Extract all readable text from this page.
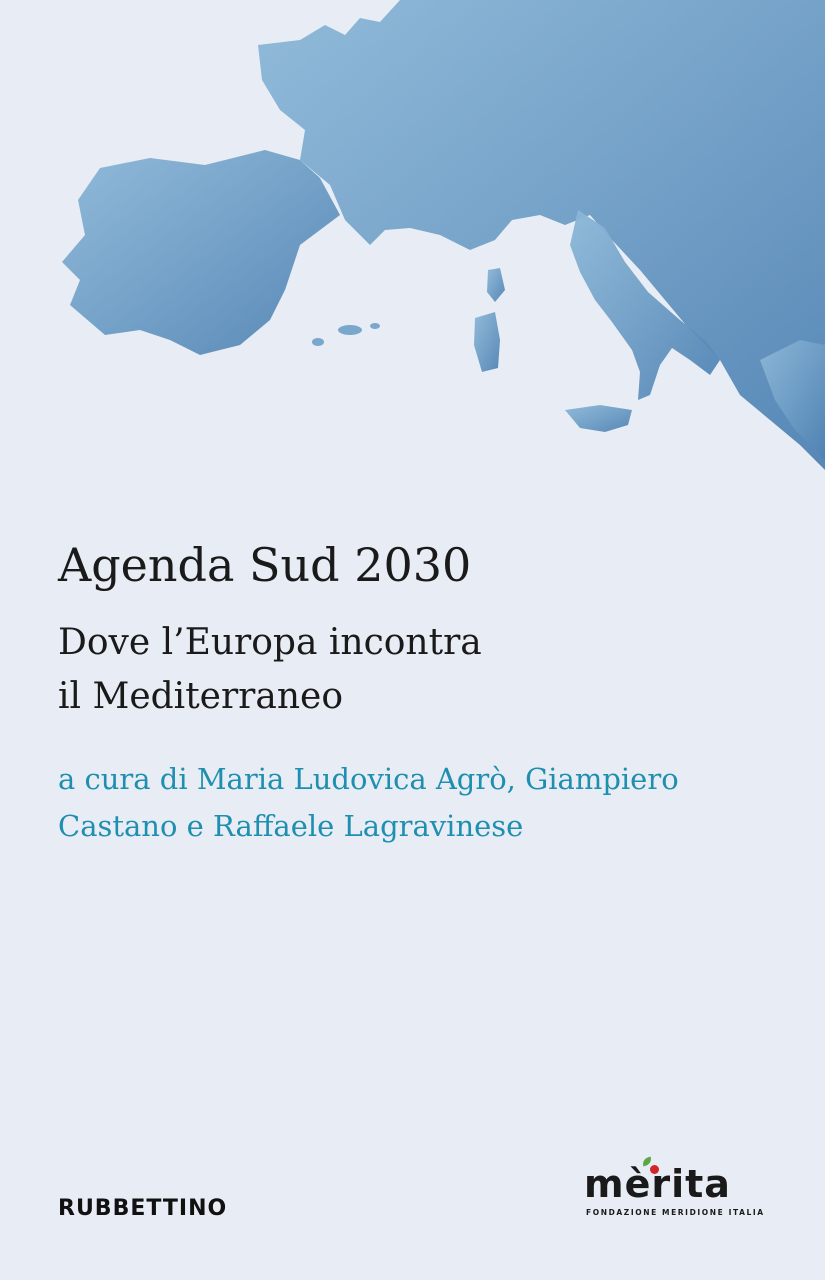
Agenda Sud 2030
Dove l’Europa incontra
il Mediterraneo
a cura di Maria Ludovica Agrò, Giampiero
Castano e Raffaele Lagravinese
RUBBETTINO
mèrita
FONDAZIONE MERIDIONE ITALIA
